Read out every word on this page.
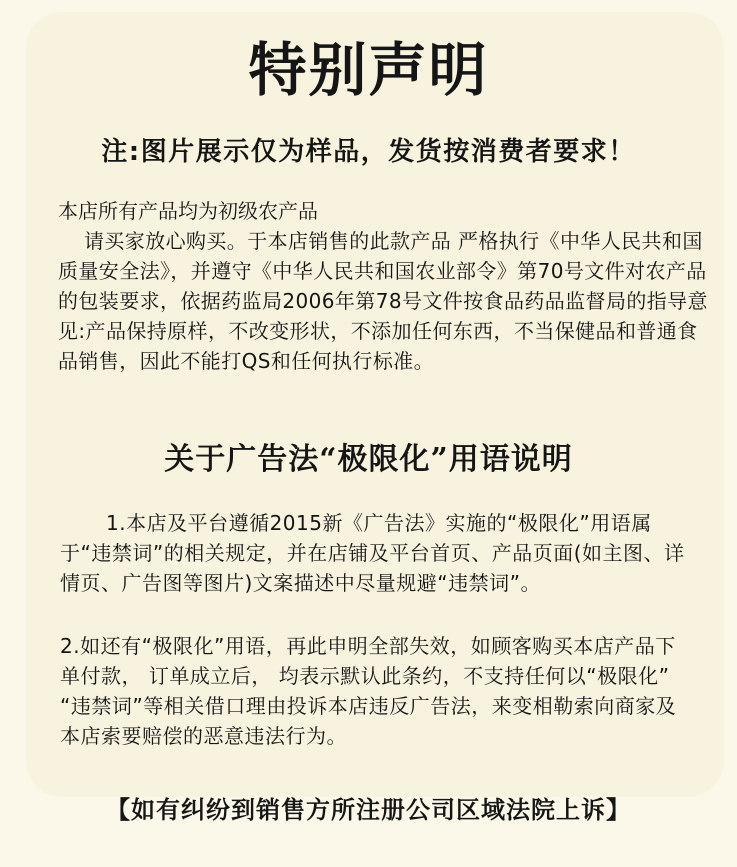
特别声明

注:图片展示仅为样品，发货按消费者要求！

本店所有产品均为初级农产品

请买家放心购买。于本店销售的此款产品 严格执行《中华人民共和国质量安全法》，并遵守《中华人民共和国农业部令》第70号文件对农产品的包装要求，依据药监局2006年第78号文件按食品药品监督局的指导意见:产品保持原样，不改变形状，不添加任何东西，不当保健品和普通食品销售，因此不能打QS和任何执行标准。

关于广告法“极限化”用语说明

1.本店及平台遵循2015新《广告法》实施的“极限化”用语属于“违禁词”的相关规定，并在店铺及平台首页、产品页面(如主图、详情页、广告图等图片)文案描述中尽量规避“违禁词”。

2.如还有“极限化”用语，再此申明全部失效，如顾客购买本店产品下单付款， 订单成立后， 均表示默认此条约，不支持任何以“极限化” “违禁词”等相关借口理由投诉本店违反广告法，来变相勒索向商家及本店索要赔偿的恶意违法行为。

【如有纠纷到销售方所注册公司区域法院上诉】
